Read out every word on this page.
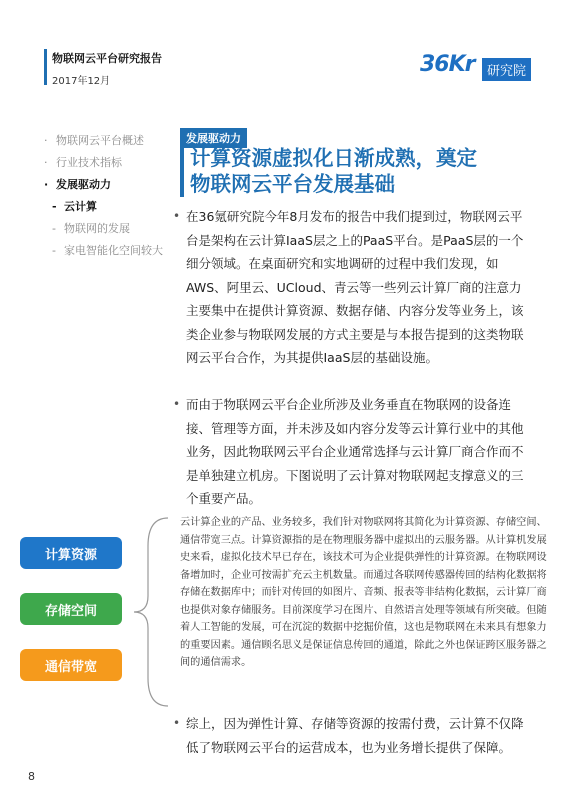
物联网云平台研究报告
2017年12月
36Kr 研究院
· 物联网云平台概述
· 行业技术指标
· 发展驱动力
- 云计算
- 物联网的发展
- 家电智能化空间较大
发展驱动力
计算资源虚拟化日渐成熟，奠定
物联网云平台发展基础
• 在36氪研究院今年8月发布的报告中我们提到过，物联网云平台是架构在云计算IaaS层之上的PaaS平台。是PaaS层的一个细分领域。在桌面研究和实地调研的过程中我们发现，如AWS、阿里云、UCloud、青云等一些列云计算厂商的注意力主要集中在提供计算资源、数据存储、内容分发等业务上，该类企业参与物联网发展的方式主要是与本报告提到的这类物联网云平台合作，为其提供IaaS层的基础设施。
• 而由于物联网云平台企业所涉及业务垂直在物联网的设备连接、管理等方面，并未涉及如内容分发等云计算行业中的其他业务，因此物联网云平台企业通常选择与云计算厂商合作而不是单独建立机房。下图说明了云计算对物联网起支撑意义的三个重要产品。
计算资源
存储空间
通信带宽
云计算企业的产品、业务较多，我们针对物联网将其简化为计算资源、存储空间、通信带宽三点。计算资源指的是在物理服务器中虚拟出的云服务器。从计算机发展史来看，虚拟化技术早已存在，该技术可为企业提供弹性的计算资源。在物联网设备增加时，企业可按需扩充云主机数量。而通过各联网传感器传回的结构化数据将存储在数据库中；而针对传回的如图片、音频、报表等非结构化数据，云计算厂商也提供对象存储服务。目前深度学习在图片、自然语言处理等领域有所突破。但随着人工智能的发展，可在沉淀的数据中挖掘价值，这也是物联网在未来具有想象力的重要因素。通信顾名思义是保证信息传回的通道，除此之外也保证跨区服务器之间的通信需求。
• 综上，因为弹性计算、存储等资源的按需付费，云计算不仅降低了物联网云平台的运营成本，也为业务增长提供了保障。
8
